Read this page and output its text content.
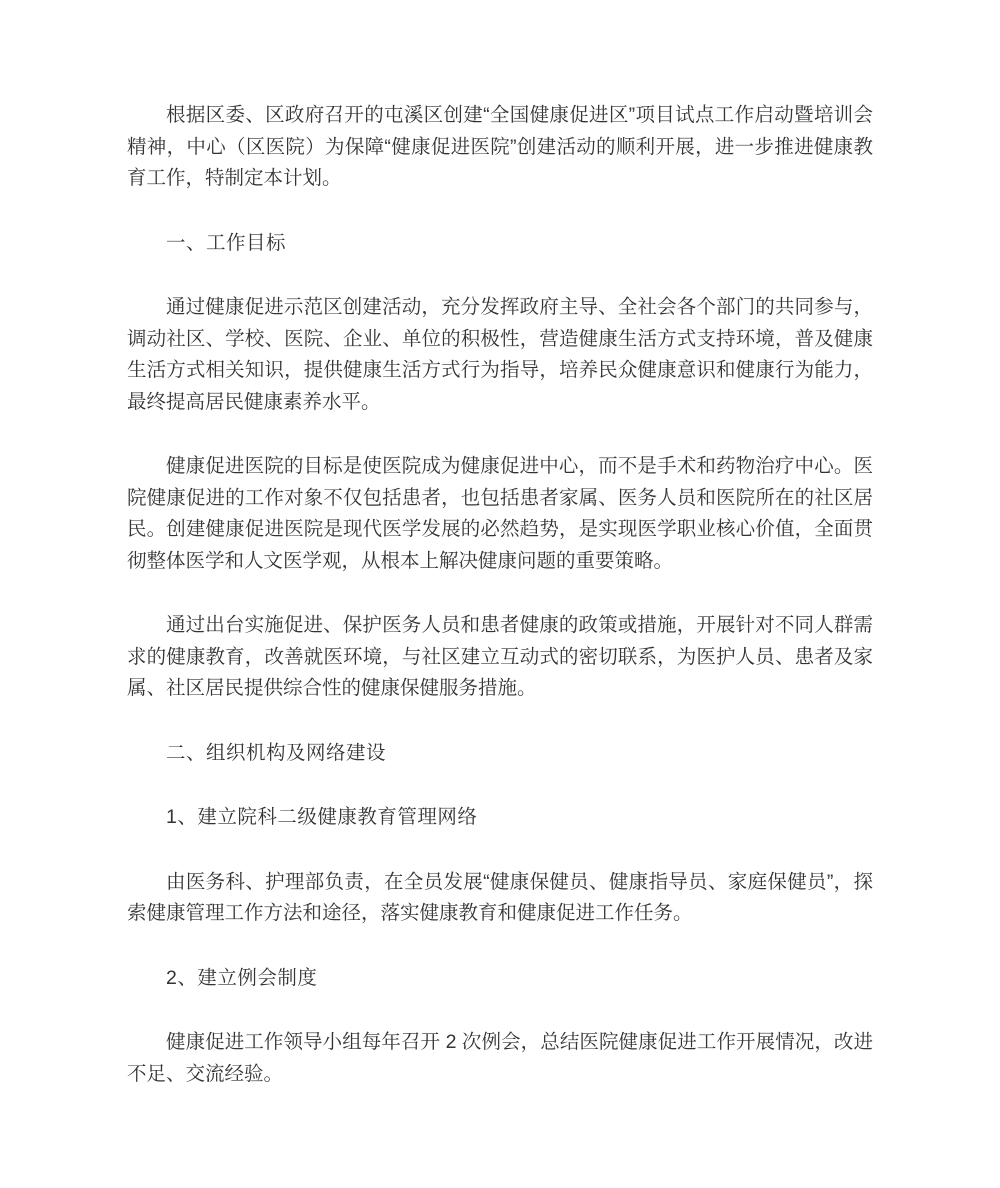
根据区委、区政府召开的屯溪区创建“全国健康促进区”项目试点工作启动暨培训会精神，中心（区医院）为保障“健康促进医院”创建活动的顺利开展，进一步推进健康教育工作，特制定本计划。

一、工作目标

通过健康促进示范区创建活动，充分发挥政府主导、全社会各个部门的共同参与，调动社区、学校、医院、企业、单位的积极性，营造健康生活方式支持环境，普及健康生活方式相关知识，提供健康生活方式行为指导，培养民众健康意识和健康行为能力，最终提高居民健康素养水平。

健康促进医院的目标是使医院成为健康促进中心，而不是手术和药物治疗中心。医院健康促进的工作对象不仅包括患者，也包括患者家属、医务人员和医院所在的社区居民。创建健康促进医院是现代医学发展的必然趋势，是实现医学职业核心价值，全面贯彻整体医学和人文医学观，从根本上解决健康问题的重要策略。

通过出台实施促进、保护医务人员和患者健康的政策或措施，开展针对不同人群需求的健康教育，改善就医环境，与社区建立互动式的密切联系，为医护人员、患者及家属、社区居民提供综合性的健康保健服务措施。

二、组织机构及网络建设
1、建立院科二级健康教育管理网络

由医务科、护理部负责，在全员发展“健康保健员、健康指导员、家庭保健员”，探索健康管理工作方法和途径，落实健康教育和健康促进工作任务。

2、建立例会制度

健康促进工作领导小组每年召开 2 次例会，总结医院健康促进工作开展情况，改进不足、交流经验。
